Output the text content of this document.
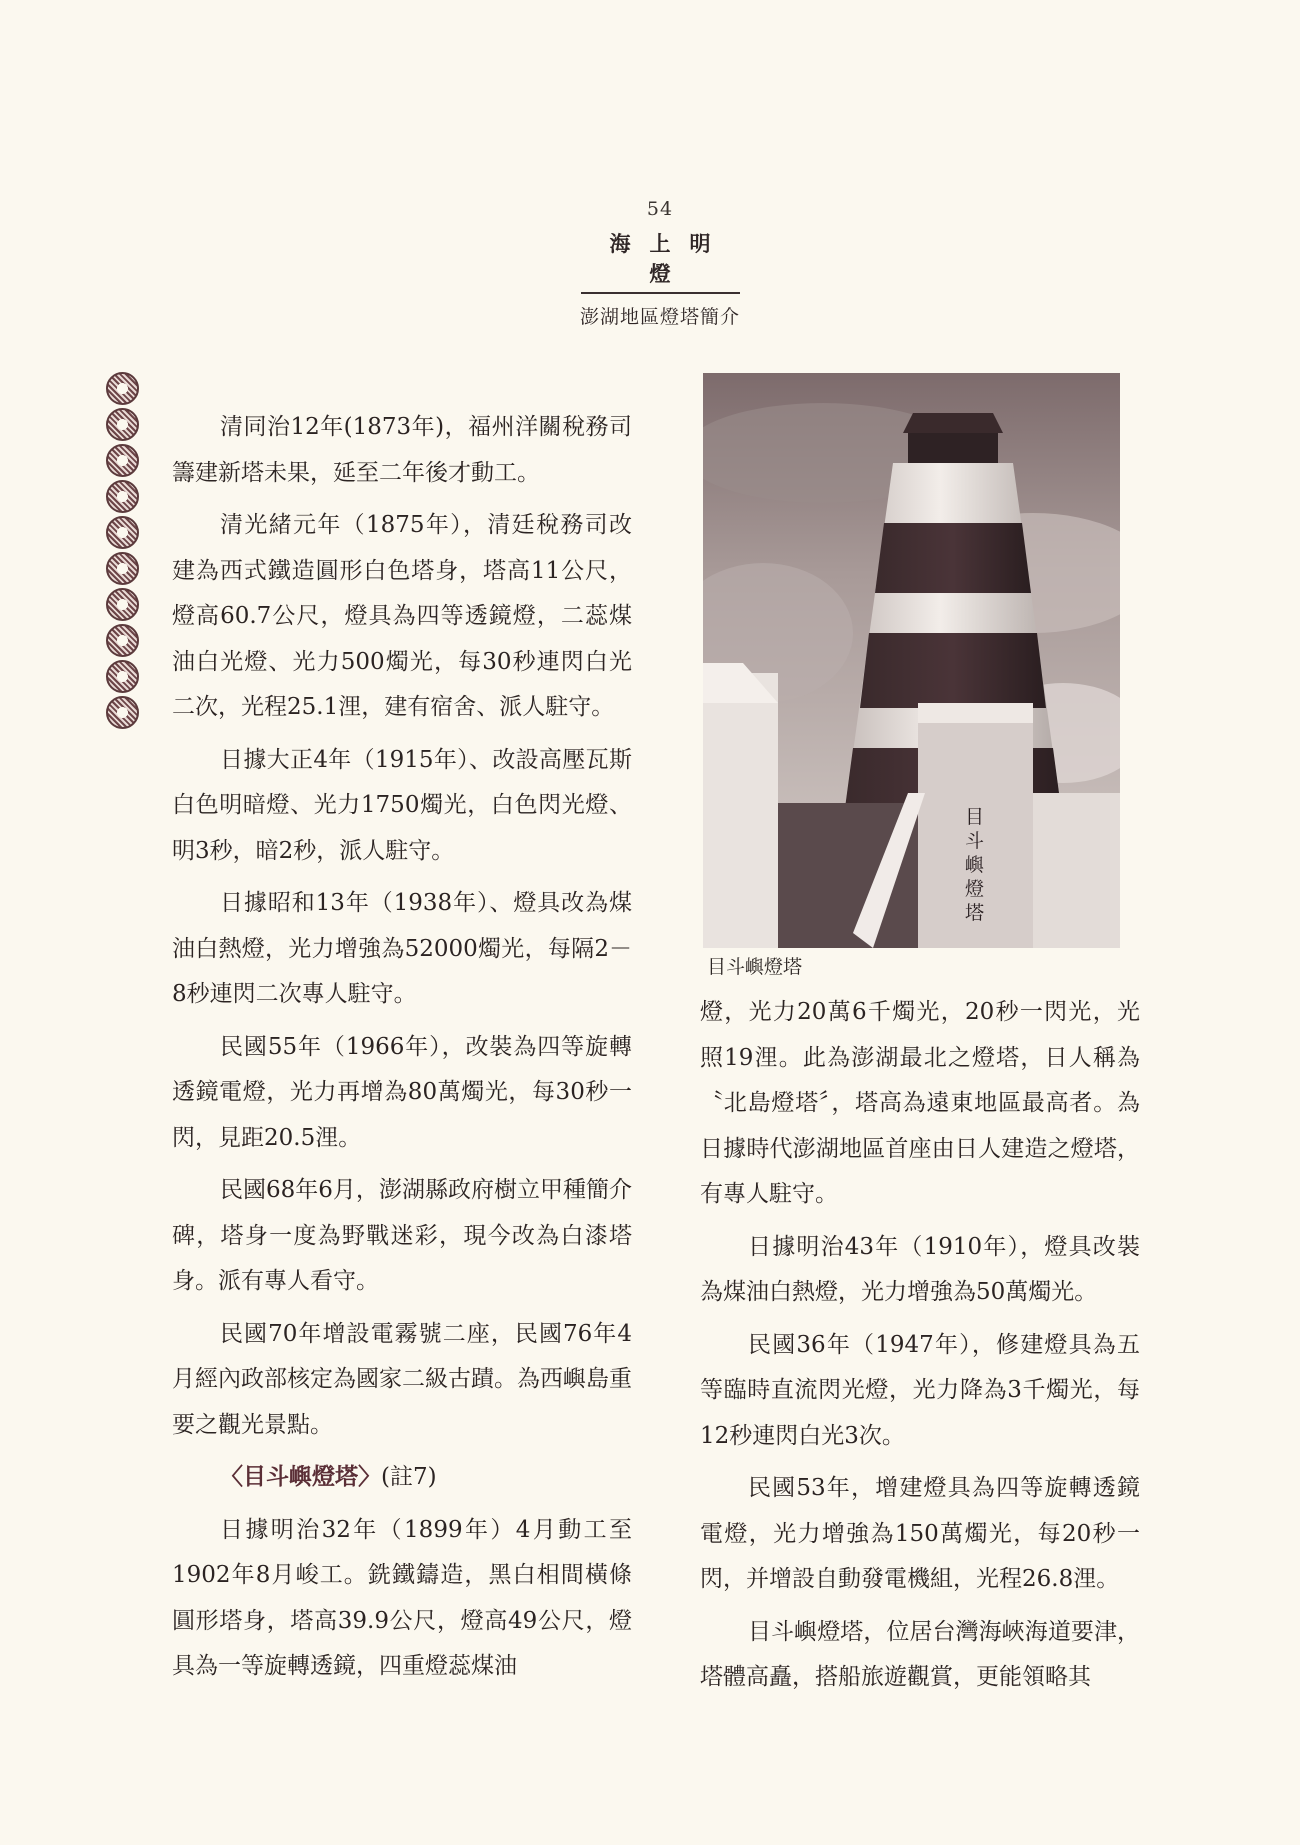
54
海上明燈
澎湖地區燈塔簡介

清同治12年(1873年)，福州洋關稅務司籌建新塔未果，延至二年後才動工。

清光緒元年（1875年），清廷稅務司改建為西式鐵造圓形白色塔身，塔高11公尺，燈高60.7公尺，燈具為四等透鏡燈，二蕊煤油白光燈、光力500燭光，每30秒連閃白光二次，光程25.1浬，建有宿舍、派人駐守。

日據大正4年（1915年）、改設高壓瓦斯白色明暗燈、光力1750燭光，白色閃光燈、明3秒，暗2秒，派人駐守。

日據昭和13年（1938年）、燈具改為煤油白熱燈，光力增強為52000燭光，每隔2－8秒連閃二次專人駐守。

民國55年（1966年），改裝為四等旋轉透鏡電燈，光力再增為80萬燭光，每30秒一閃，見距20.5浬。

民國68年6月，澎湖縣政府樹立甲種簡介碑，塔身一度為野戰迷彩，現今改為白漆塔身。派有專人看守。

民國70年增設電霧號二座，民國76年4月經內政部核定為國家二級古蹟。為西嶼島重要之觀光景點。

〈目斗嶼燈塔〉(註7)

日據明治32年（1899年）4月動工至1902年8月峻工。銑鐵鑄造，黑白相間橫條圓形塔身，塔高39.9公尺，燈高49公尺，燈具為一等旋轉透鏡，四重燈蕊煤油

目 斗 嶼 燈 塔
目斗嶼燈塔

燈，光力20萬6千燭光，20秒一閃光，光照19浬。此為澎湖最北之燈塔，日人稱為〝北島燈塔〞，塔高為遠東地區最高者。為日據時代澎湖地區首座由日人建造之燈塔，有專人駐守。

日據明治43年（1910年），燈具改裝為煤油白熱燈，光力增強為50萬燭光。

民國36年（1947年），修建燈具為五等臨時直流閃光燈，光力降為3千燭光，每12秒連閃白光3次。

民國53年，增建燈具為四等旋轉透鏡電燈，光力增強為150萬燭光，每20秒一閃，并增設自動發電機組，光程26.8浬。

目斗嶼燈塔，位居台灣海峽海道要津，塔體高矗，搭船旅遊觀賞，更能領略其
